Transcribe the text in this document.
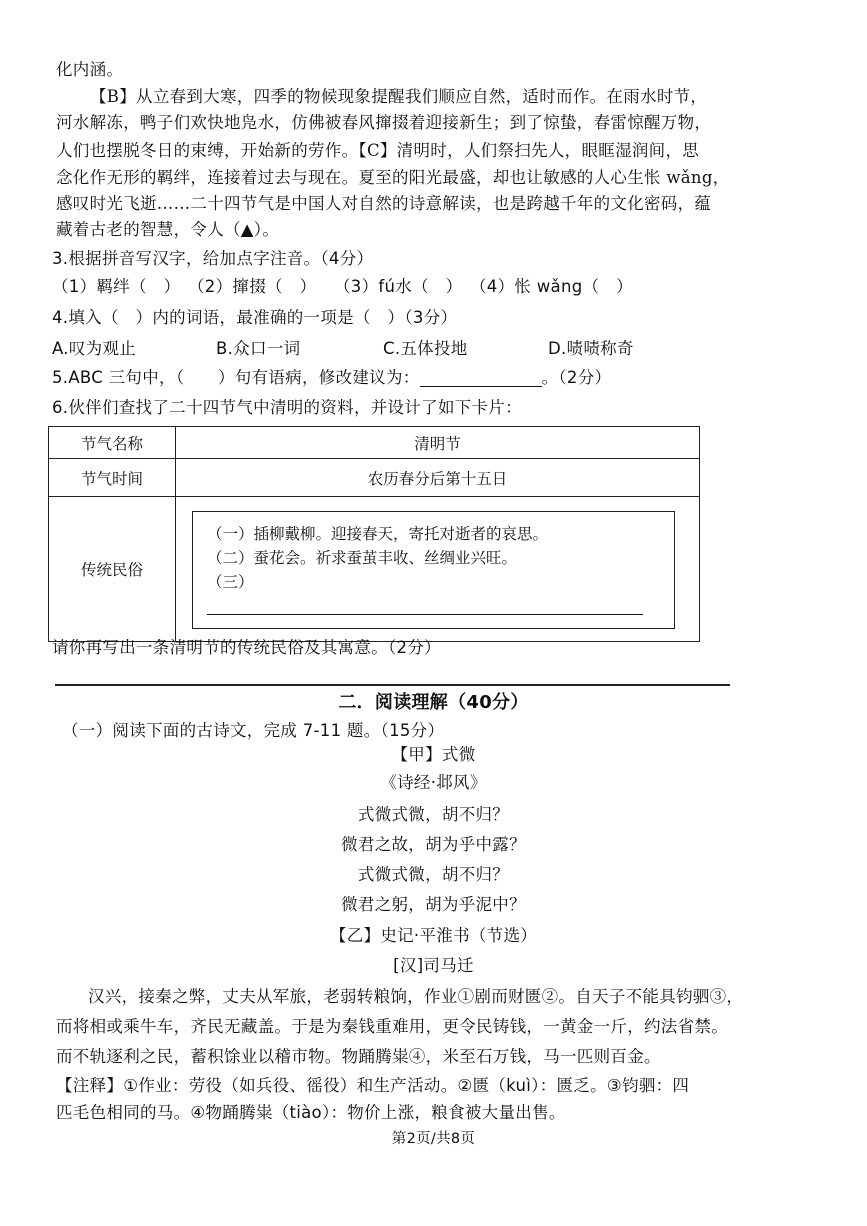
化内涵。
【B】从立春到大寒，四季的物候现象提醒我们顺应自然，适时而作。在雨水时节，
河水解冻，鸭子们欢快地凫水，仿佛被春风撺掇着迎接新生；到了惊蛰，春雷惊醒万物，
人们也摆脱冬日的束缚，开始新的劳作。【C】清明时，人们祭扫先人，眼眶湿润间，思
念化作无形的羁绊，连接着过去与现在。夏至的阳光最盛，却也让敏感的人心生怅 wǎng，
感叹时光飞逝……二十四节气是中国人对自然的诗意解读，也是跨越千年的文化密码，蕴
藏着古老的智慧，令人（▲）。
3.根据拼音写汉字，给加点字注音。（4分）
（1）羁绊（　） （2）撺掇（　） （3）fú水（　） （4）怅 wǎng（　）
4.填入（　）内的词语，最准确的一项是（　）（3分）
A.叹为观止	B.众口一词	C.五体投地	D.啧啧称奇
5.ABC 三句中，（　　）句有语病，修改建议为：	。（2分）
6.伙伴们查找了二十四节气中清明的资料，并设计了如下卡片：
节气名称	清明节
节气时间	农历春分后第十五日
传统民俗	（一）插柳戴柳。迎接春天，寄托对逝者的哀思。
（二）蚕花会。祈求蚕茧丰收、丝绸业兴旺。
（三）
请你再写出一条清明节的传统民俗及其寓意。（2分）
二．阅读理解（40分）
（一）阅读下面的古诗文，完成 7-11 题。（15分）
【甲】式微
《诗经·邶风》
式微式微，胡不归？
微君之故，胡为乎中露？
式微式微，胡不归？
微君之躬，胡为乎泥中？
【乙】史记·平淮书（节选）
[汉]司马迁
汉兴，接秦之弊，丈夫从军旅，老弱转粮饷，作业①剧而财匮②。自天子不能具钧驷③，
而将相或乘牛车，齐民无藏盖。于是为秦钱重难用，更令民铸钱，一黄金一斤，约法省禁。
而不轨逐利之民，蓄积馀业以稽市物。物踊腾粜④，米至石万钱，马一匹则百金。
【注释】①作业：劳役（如兵役、徭役）和生产活动。②匮（kuì）：匮乏。③钧驷：四
匹毛色相同的马。④物踊腾粜（tiào）：物价上涨，粮食被大量出售。
第2页/共8页
